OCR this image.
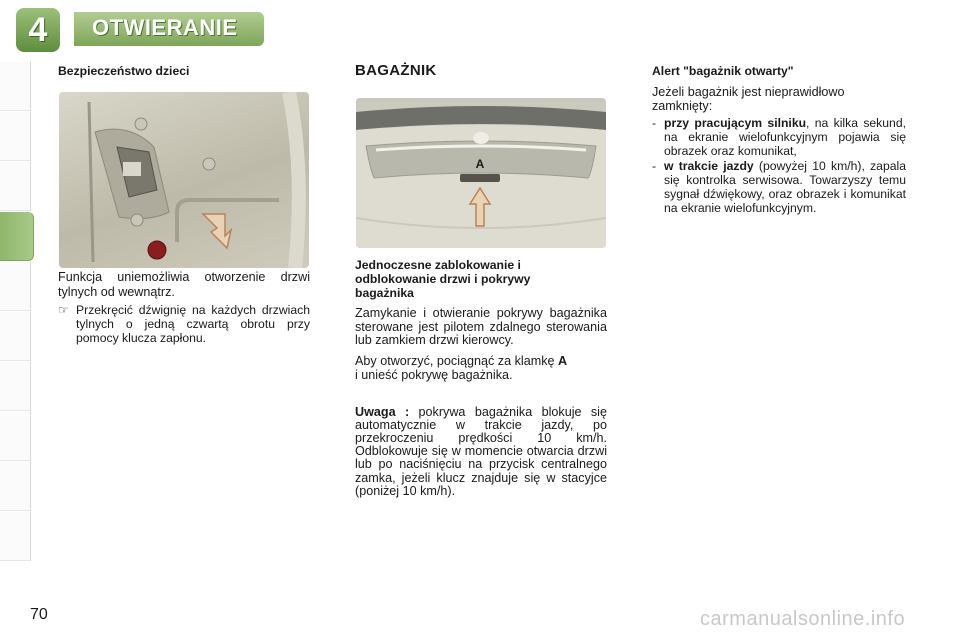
4 OTWIERANIE
Bezpieczeństwo dzieci

Funkcja uniemożliwia otworzenie drzwi tylnych od wewnątrz.

☞ Przekręcić dźwignię na każdych drzwiach tylnych o jedną czwartą obrotu przy pomocy klucza zapłonu.
BAGAŻNIK
Jednoczesne zablokowanie i odblokowanie drzwi i pokrywy bagażnika

Zamykanie i otwieranie pokrywy bagażnika sterowane jest pilotem zdalnego sterowania lub zamkiem drzwi kierowcy.

Aby otworzyć, pociągnąć za klamkę A
i unieść pokrywę bagażnika.

Uwaga : pokrywa bagażnika blokuje się automatycznie w trakcie jazdy, po przekroczeniu prędkości 10 km/h. Odblokowuje się w momencie otwarcia drzwi lub po naciśnięciu na przycisk centralnego zamka, jeżeli klucz znajduje się w stacyjce (poniżej 10 km/h).

A
Alert "bagażnik otwarty"

Jeżeli bagażnik jest nieprawidłowo zamknięty:

- przy pracującym silniku, na kilka sekund, na ekranie wielofunkcyjnym pojawia się obrazek oraz komunikat,
- w trakcie jazdy (powyżej 10 km/h), zapala się kontrolka serwisowa. Towarzyszy temu sygnał dźwiękowy, oraz obrazek i komunikat na ekranie wielofunkcyjnym.
70	carmanualsonline.info
